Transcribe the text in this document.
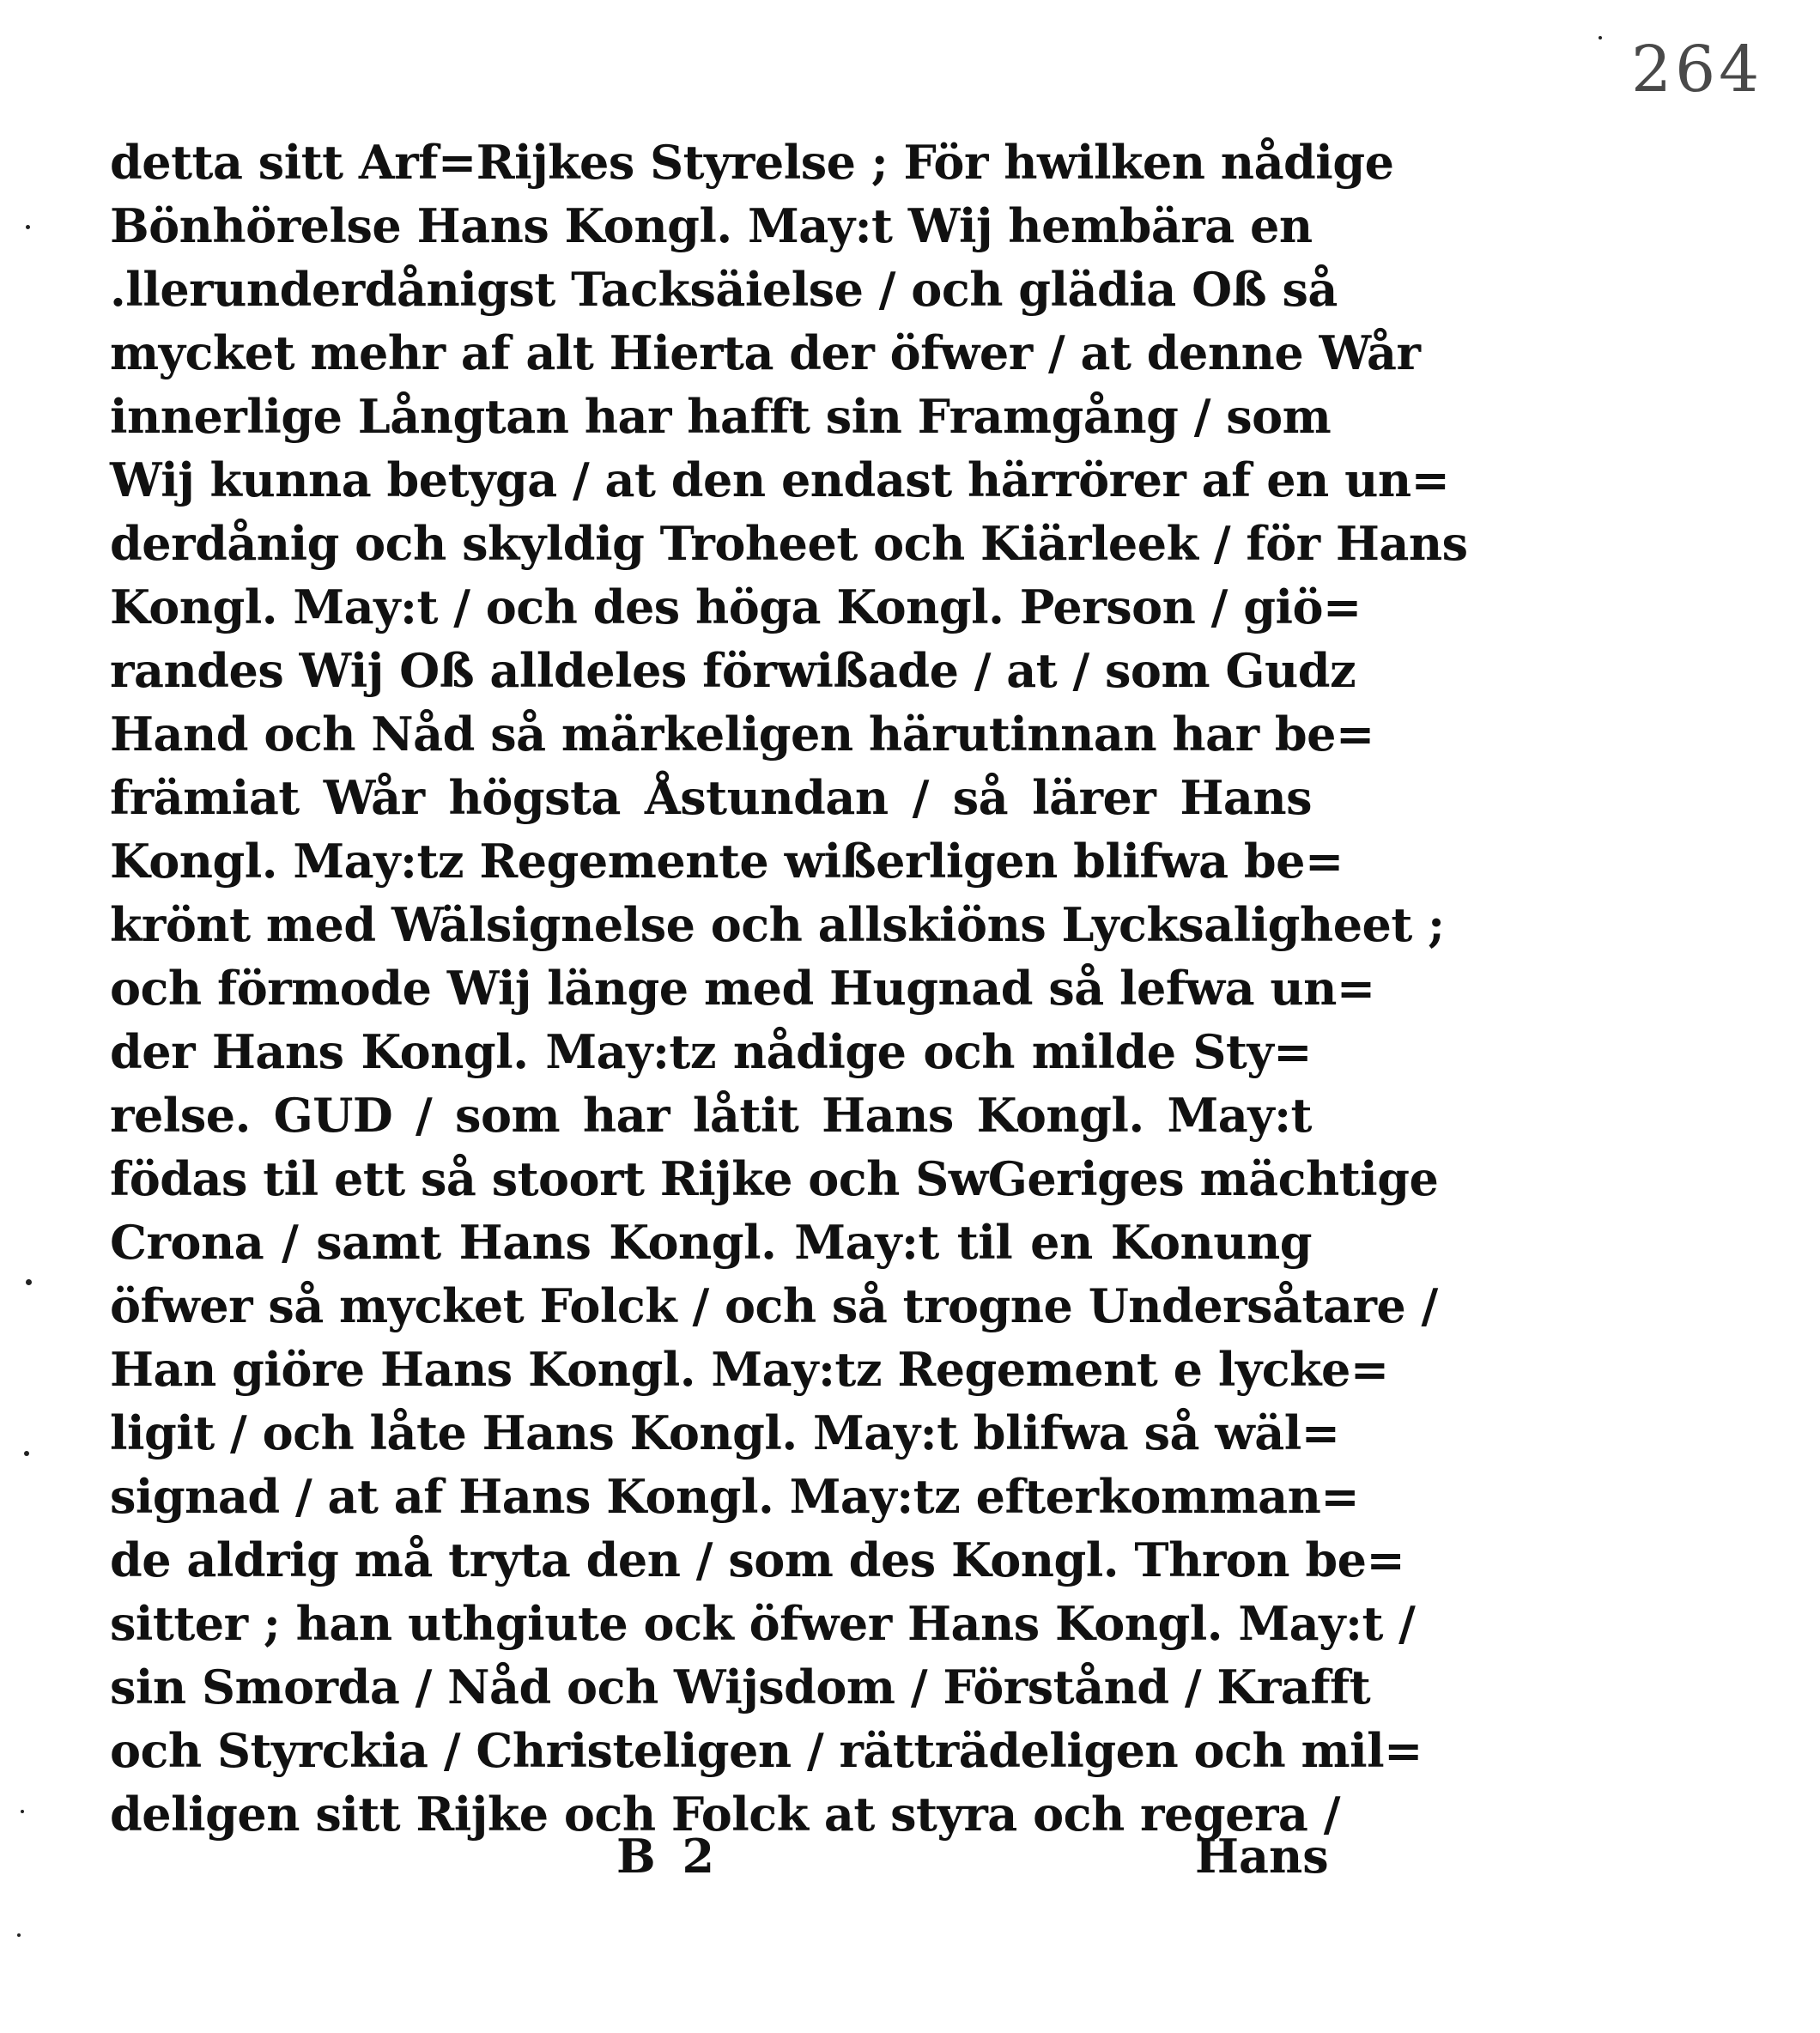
264
detta sitt Arf=Rijkes Styrelse ; För hwilken nådige
Bönhörelse Hans Kongl. May:t Wij hembära en
.llerunderdånigst Tacksäielse / och glädia Oß så
mycket mehr af alt Hierta der öfwer / at denne Wår
innerlige Långtan har hafft sin Framgång / som
Wij kunna betyga / at den endast härrörer af en un=
derdånig och skyldig Troheet och Kiärleek / för Hans
Kongl. May:t / och des höga Kongl. Person / giö=
randes Wij Oß alldeles förwißade / at / som Gudz
Hand och Nåd så märkeligen härutinnan har be=
främiat Wår högsta Åstundan / så lärer Hans
Kongl. May:tz Regemente wißerligen blifwa be=
krönt med Wälsignelse och allskiöns Lycksaligheet ;
och förmode Wij länge med Hugnad så lefwa un=
der Hans Kongl. May:tz nådige och milde Sty=
relse. GUD / som har låtit Hans Kongl. May:t
födas til ett så stoort Rijke och SwGeriges mächtige
Crona / samt Hans Kongl. May:t til en Konung
öfwer så mycket Folck / och så trogne Undersåtare /
Han giöre Hans Kongl. May:tz Regement e lycke=
ligit / och låte Hans Kongl. May:t blifwa så wäl=
signad / at af Hans Kongl. May:tz efterkomman=
de aldrig må tryta den / som des Kongl. Thron be=
sitter ; han uthgiute ock öfwer Hans Kongl. May:t /
sin Smorda / Nåd och Wijsdom / Förstånd / Krafft
och Styrckia / Christeligen / rätträdeligen och mil=
deligen sitt Rijke och Folck at styra och regera /
B 2	Hans
